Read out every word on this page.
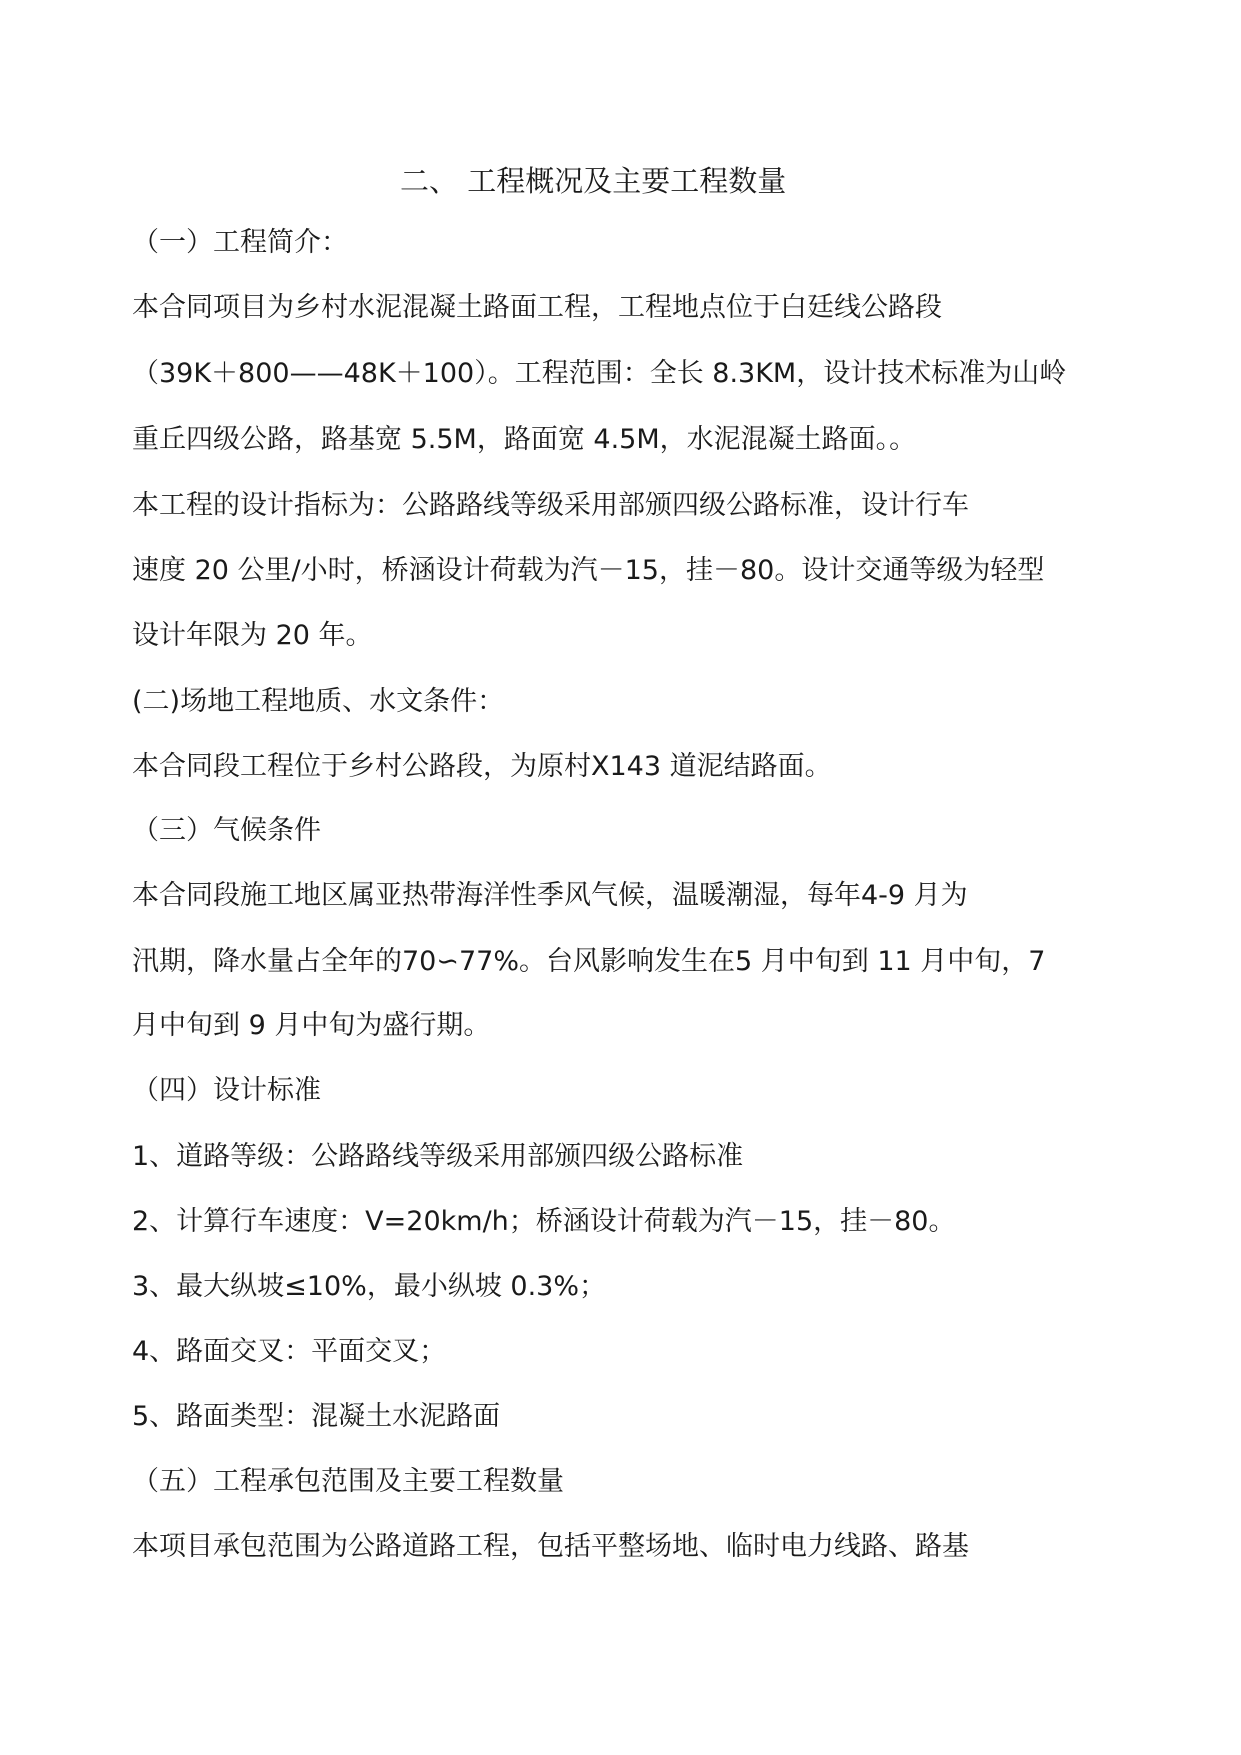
二、 工程概况及主要工程数量
（一）工程简介：
本合同项目为乡村水泥混凝土路面工程，工程地点位于白廷线公路段
（39K＋800——48K＋100）。工程范围：全长 8.3KM，设计技术标准为山岭
重丘四级公路，路基宽 5.5M，路面宽 4.5M，水泥混凝土路面。。
本工程的设计指标为：公路路线等级采用部颁四级公路标准，设计行车
速度 20 公里/小时，桥涵设计荷载为汽－15，挂－80。设计交通等级为轻型
设计年限为 20 年。
(二)场地工程地质、水文条件：
本合同段工程位于乡村公路段，为原村X143 道泥结路面。
（三）气候条件
本合同段施工地区属亚热带海洋性季风气候，温暖潮湿，每年4-9 月为
汛期，降水量占全年的70∽77%。台风影响发生在5 月中旬到 11 月中旬，7
月中旬到 9 月中旬为盛行期。
（四）设计标准
1、道路等级：公路路线等级采用部颁四级公路标准
2、计算行车速度：V=20km/h；桥涵设计荷载为汽－15，挂－80。
3、最大纵坡≤10%，最小纵坡 0.3%；
4、路面交叉：平面交叉；
5、路面类型：混凝土水泥路面
（五）工程承包范围及主要工程数量
本项目承包范围为公路道路工程，包括平整场地、临时电力线路、路基
